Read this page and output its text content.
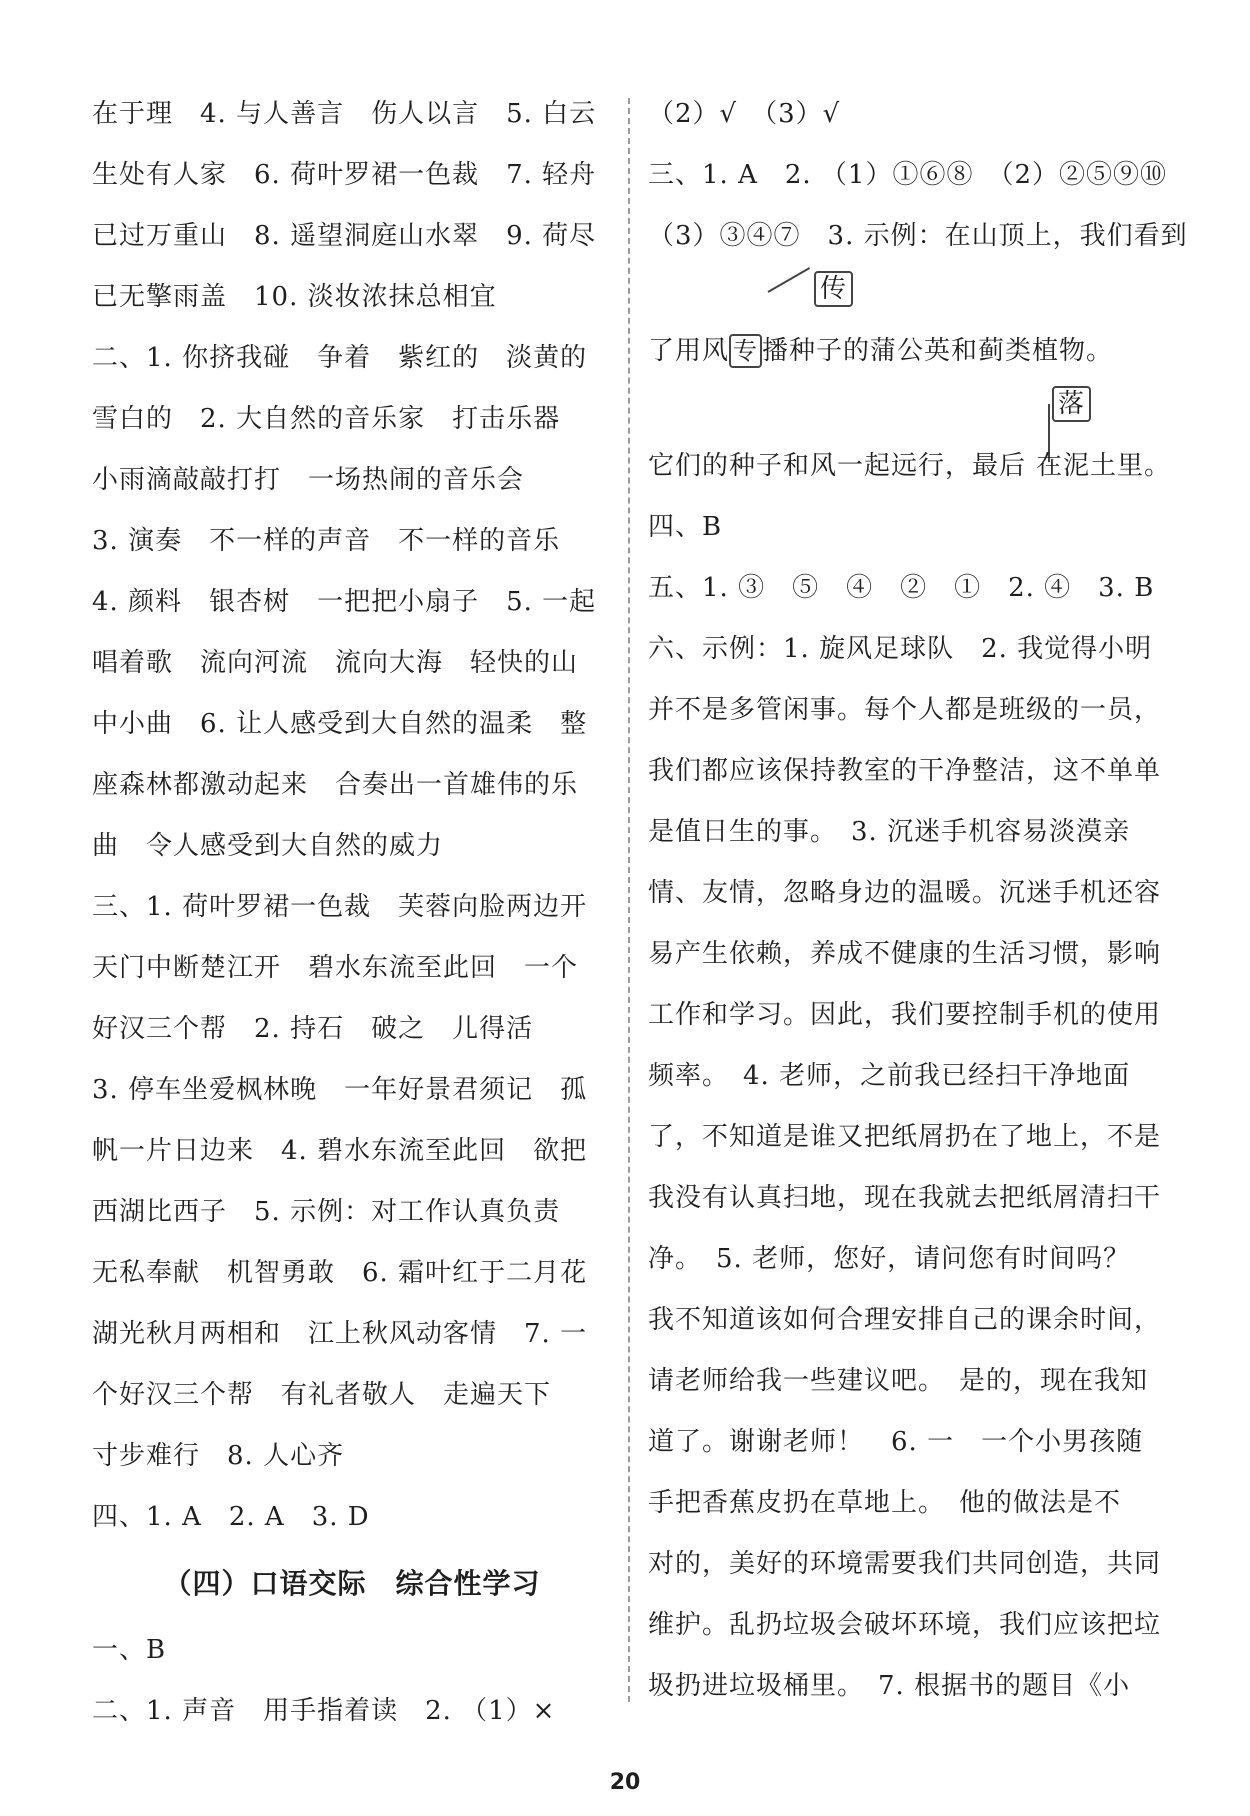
在于理　4. 与人善言　伤人以言　5. 白云
生处有人家　6. 荷叶罗裙一色裁　7. 轻舟
已过万重山　8. 遥望洞庭山水翠　9. 荷尽
已无擎雨盖　10. 淡妆浓抹总相宜
二、1. 你挤我碰　争着　紫红的　淡黄的
雪白的　2. 大自然的音乐家　打击乐器
小雨滴敲敲打打　一场热闹的音乐会
3. 演奏　不一样的声音　不一样的音乐
4. 颜料　银杏树　一把把小扇子　5. 一起
唱着歌　流向河流　流向大海　轻快的山
中小曲　6. 让人感受到大自然的温柔　整
座森林都激动起来　合奏出一首雄伟的乐
曲　令人感受到大自然的威力
三、1. 荷叶罗裙一色裁　芙蓉向脸两边开
天门中断楚江开　碧水东流至此回　一个
好汉三个帮　2. 持石　破之　儿得活
3. 停车坐爱枫林晚　一年好景君须记　孤
帆一片日边来　4. 碧水东流至此回　欲把
西湖比西子　5. 示例：对工作认真负责
无私奉献　机智勇敢　6. 霜叶红于二月花
湖光秋月两相和　江上秋风动客情　7. 一
个好汉三个帮　有礼者敬人　走遍天下
寸步难行　8. 人心齐
四、1. A　2. A　3. D
（四）口语交际　综合性学习
一、B
二、1. 声音　用手指着读　2. （1）×
（2）√　（3）√
三、1. A　2. （1）①⑥⑧　（2）②⑤⑨⑩
（3）③④⑦　3. 示例：在山顶上，我们看到
传
了用风 专 播种子的蒲公英和蓟类植物。
落
它们的种子和风一起远行，最后 在泥土里。
四、B
五、1. ③　⑤　④　②　①　2. ④　3. B
六、示例：1. 旋风足球队　2. 我觉得小明
并不是多管闲事。每个人都是班级的一员，
我们都应该保持教室的干净整洁，这不单单
是值日生的事。　3. 沉迷手机容易淡漠亲
情、友情，忽略身边的温暖。沉迷手机还容
易产生依赖，养成不健康的生活习惯，影响
工作和学习。因此，我们要控制手机的使用
频率。　4. 老师，之前我已经扫干净地面
了，不知道是谁又把纸屑扔在了地上，不是
我没有认真扫地，现在我就去把纸屑清扫干
净。　5. 老师，您好，请问您有时间吗？
我不知道该如何合理安排自己的课余时间，
请老师给我一些建议吧。　是的，现在我知
道了。谢谢老师！　6. 一　一个小男孩随
手把香蕉皮扔在草地上。　他的做法是不
对的，美好的环境需要我们共同创造，共同
维护。乱扔垃圾会破坏环境，我们应该把垃
圾扔进垃圾桶里。　7. 根据书的题目《小
20
